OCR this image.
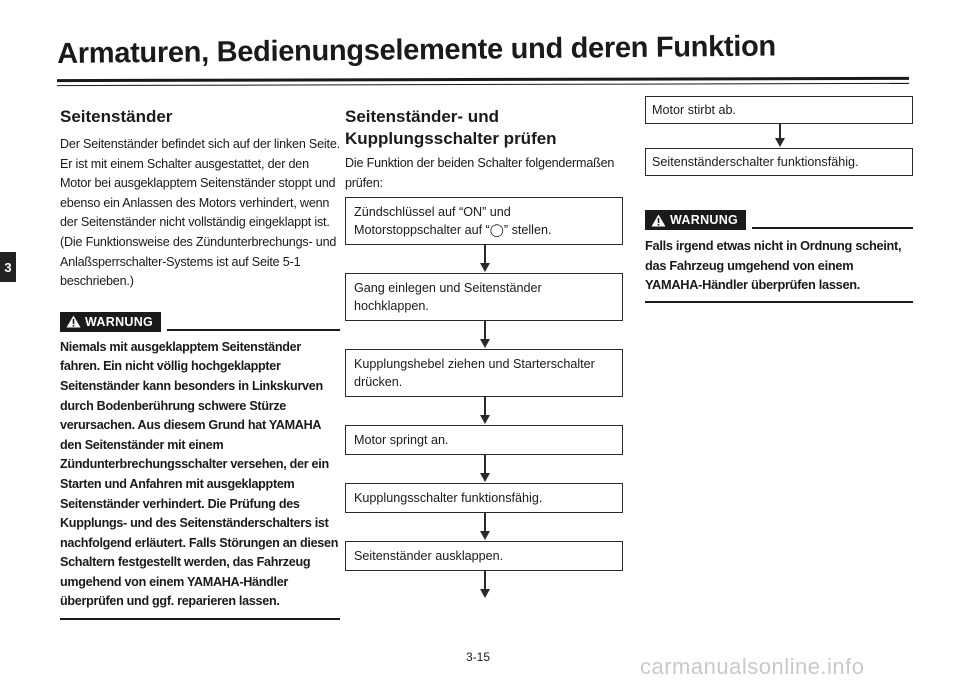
Armaturen, Bedienungselemente und deren Funktion
3
Seitenständer

Der Seitenständer befindet sich auf der linken Seite. Er ist mit einem Schalter ausgestattet, der den Motor bei ausgeklapptem Seitenständer stoppt und ebenso ein Anlassen des Motors verhindert, wenn der Seitenständer nicht vollständig eingeklappt ist. (Die Funktionsweise des Zündunterbrechungs- und Anlaßsperrschalter-Systems ist auf Seite 5-1 beschrieben.)

WARNUNG

Niemals mit ausgeklapptem Seitenständer fahren. Ein nicht völlig hochgeklappter Seitenständer kann besonders in Linkskurven durch Bodenberührung schwere Stürze verursachen. Aus diesem Grund hat YAMAHA den Seitenständer mit einem Zündunterbrechungsschalter versehen, der ein Starten und Anfahren mit ausgeklapptem Seitenständer verhindert. Die Prüfung des Kupplungs- und des Seitenständerschalters ist nachfolgend erläutert. Falls Störungen an diesen Schaltern festgestellt werden, das Fahrzeug umgehend von einem YAMAHA-Händler überprüfen und ggf. reparieren lassen.

Seitenständer- und Kupplungsschalter prüfen

Die Funktion der beiden Schalter folgendermaßen prüfen:

Zündschlüssel auf “ON” und Motorstoppschalter auf “◯” stellen.
Gang einlegen und Seitenständer hochklappen.
Kupplungshebel ziehen und Starterschalter drücken.
Motor springt an.
Kupplungsschalter funktionsfähig.
Seitenständer ausklappen.
Motor stirbt ab.
Seitenständerschalter funktionsfähig.
WARNUNG

Falls irgend etwas nicht in Ordnung scheint, das Fahrzeug umgehend von einem YAMAHA-Händler überprüfen lassen.

3-15	carmanualsonline.info
